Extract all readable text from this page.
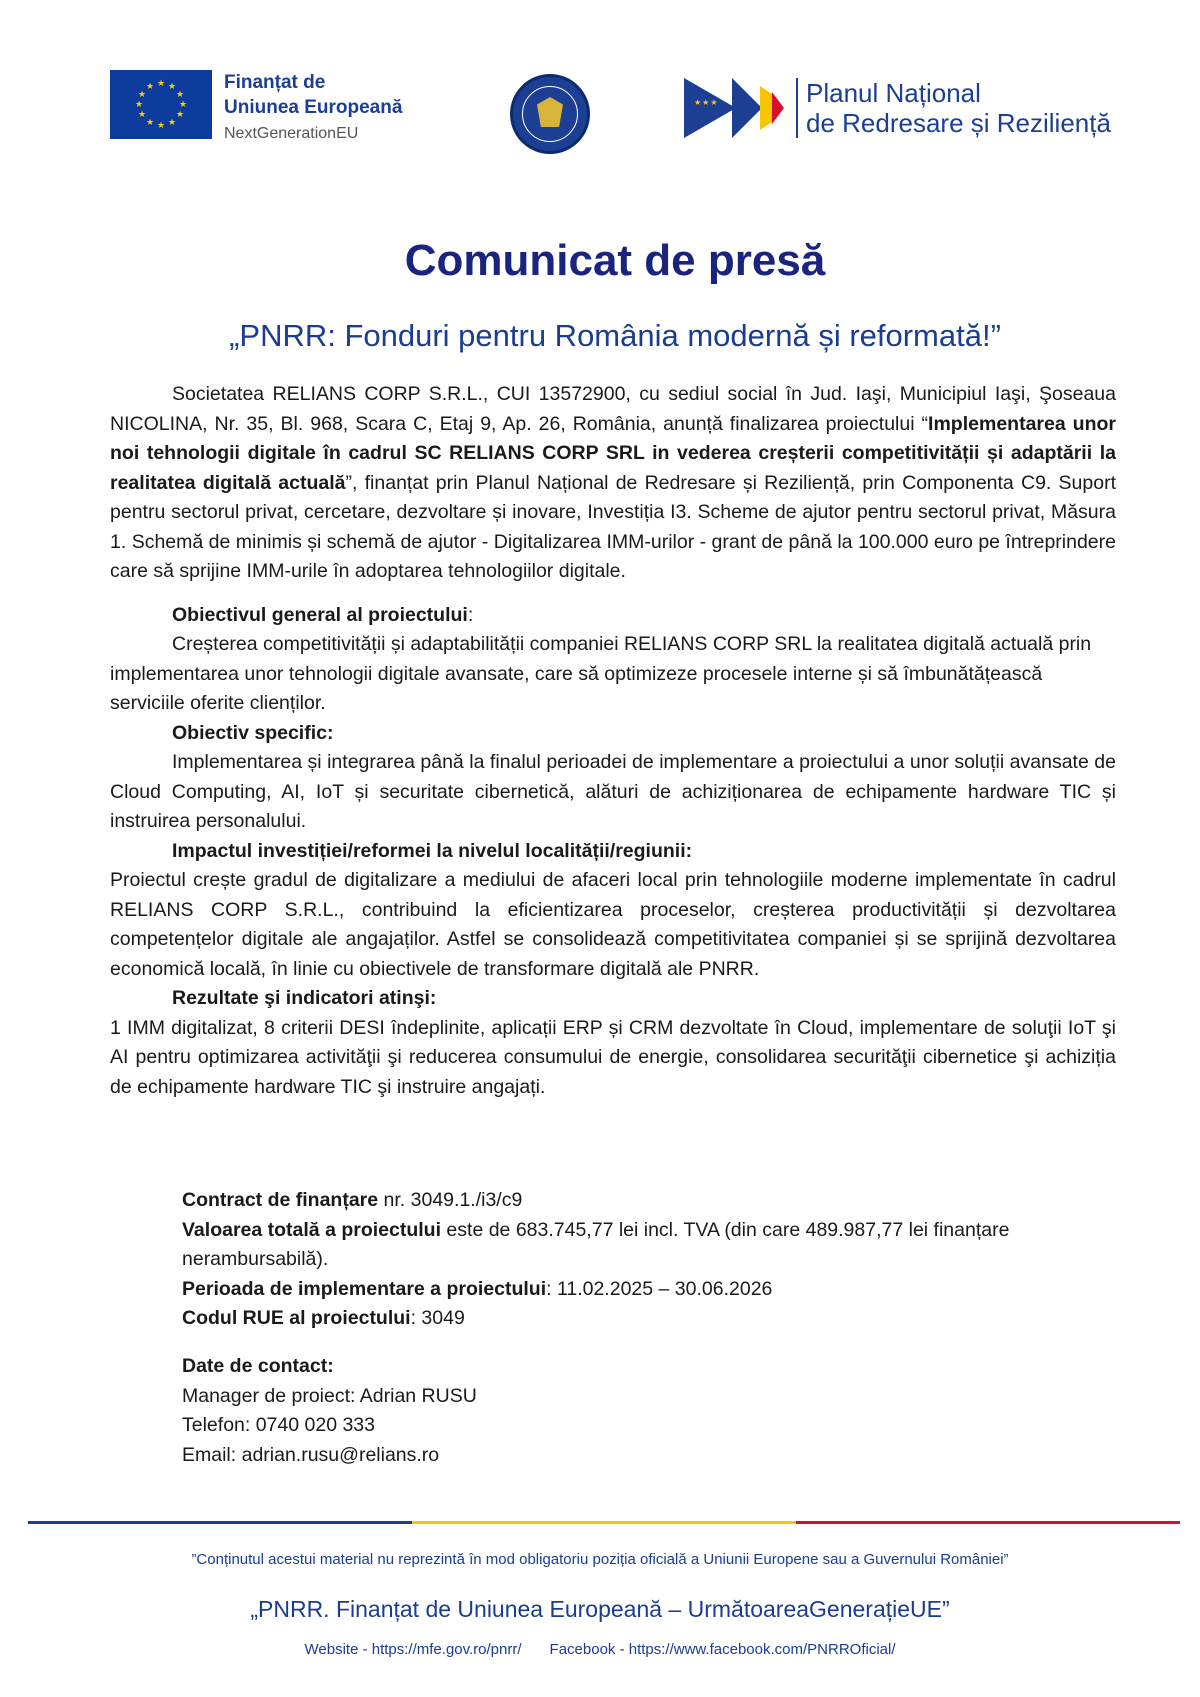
★ ★
★
★
★
★
★
★
★
★
★
★	Finanțat de
Uniunea Europeană
NextGenerationEU
★★★	Planul Național
de Redresare și Reziliență
Comunicat de presă
„PNRR: Fonduri pentru România modernă și reformată!”

Societatea RELIANS CORP S.R.L., CUI 13572900, cu sediul social în Jud. Iaşi, Municipiul Iaşi, Şoseaua NICOLINA, Nr. 35, Bl. 968, Scara C, Etaj 9, Ap. 26, România, anunță finalizarea proiectului “Implementarea unor noi tehnologii digitale în cadrul SC RELIANS CORP SRL in vederea creșterii competitivității și adaptării la realitatea digitală actuală”, finanțat prin Planul Național de Redresare și Reziliență, prin Componenta C9. Suport pentru sectorul privat, cercetare, dezvoltare și inovare, Investiția I3. Scheme de ajutor pentru sectorul privat, Măsura 1. Schemă de minimis și schemă de ajutor - Digitalizarea IMM-urilor - grant de până la 100.000 euro pe întreprindere care să sprijine IMM-urile în adoptarea tehnologiilor digitale.

Obiectivul general al proiectului:

Creșterea competitivității și adaptabilității companiei RELIANS CORP SRL la realitatea digitală actuală prin implementarea unor tehnologii digitale avansate, care să optimizeze procesele interne și să îmbunătățească serviciile oferite clienților.

Obiectiv specific:

Implementarea și integrarea până la finalul perioadei de implementare a proiectului a unor soluții avansate de Cloud Computing, AI, IoT și securitate cibernetică, alături de achiziționarea de echipamente hardware TIC și instruirea personalului.

Impactul investiției/reformei la nivelul localității/regiunii:

Proiectul crește gradul de digitalizare a mediului de afaceri local prin tehnologiile moderne implementate în cadrul RELIANS CORP S.R.L., contribuind la eficientizarea proceselor, creșterea productivității și dezvoltarea competențelor digitale ale angajaților. Astfel se consolidează competitivitatea companiei și se sprijină dezvoltarea economică locală, în linie cu obiectivele de transformare digitală ale PNRR.

Rezultate şi indicatori atinşi:

1 IMM digitalizat, 8 criterii DESI îndeplinite, aplicații ERP și CRM dezvoltate în Cloud, implementare de soluţii IoT şi AI pentru optimizarea activităţii şi reducerea consumului de energie, consolidarea securităţii cibernetice şi achiziția de echipamente hardware TIC şi instruire angajați.

Contract de finanțare nr. 3049.1./i3/c9

Valoarea totală a proiectului este de 683.745,77 lei incl. TVA (din care 489.987,77 lei finanțare nerambursabilă).

Perioada de implementare a proiectului: 11.02.2025 – 30.06.2026

Codul RUE al proiectului: 3049

Date de contact:

Manager de proiect: Adrian RUSU

Telefon: 0740 020 333

Email: adrian.rusu@relians.ro

”Conținutul acestui material nu reprezintă în mod obligatoriu poziția oficială a Uniunii Europene sau a Guvernului României”
„PNRR. Finanțat de Uniunea Europeană – UrmătoareaGenerațieUE”
Website - https://mfe.gov.ro/pnrr/ Facebook - https://www.facebook.com/PNRROficial/
